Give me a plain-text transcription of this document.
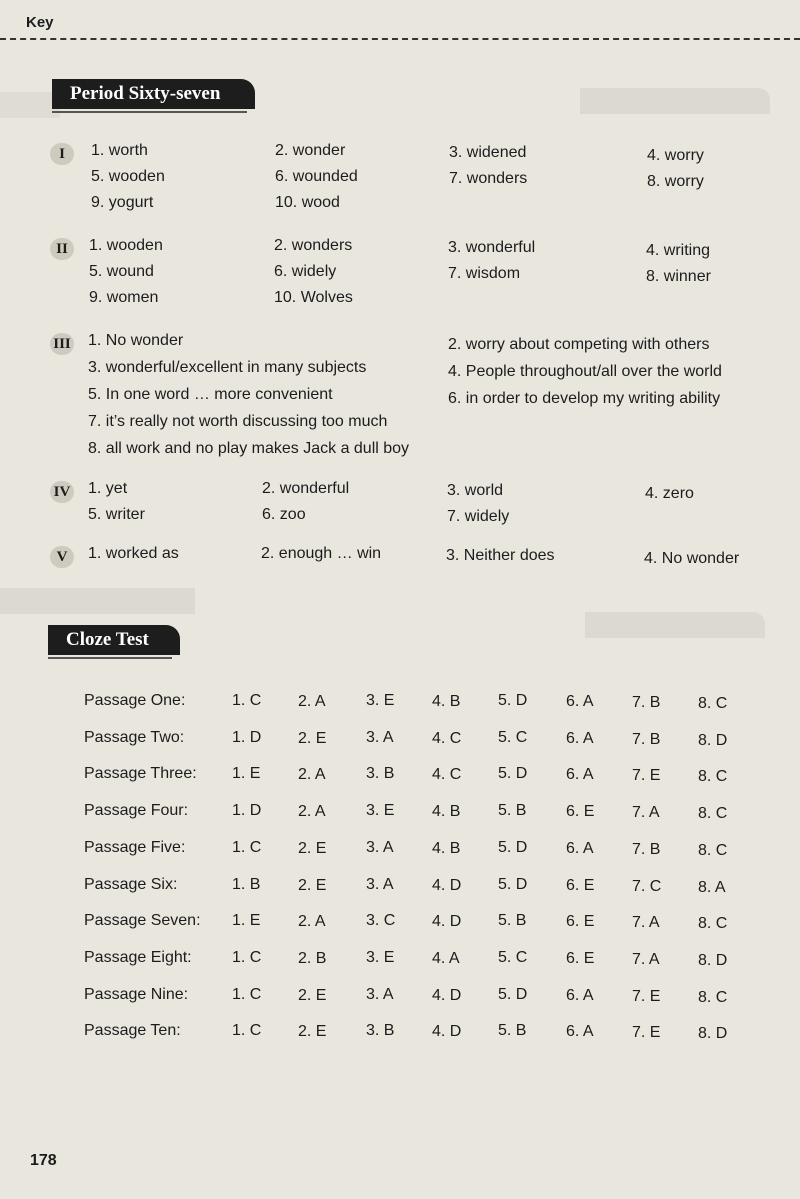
Key
Period Sixty-seven
I	1. worth	2. wonder	3. widened	4. worry
5. wooden	6. wounded	7. wonders	8. worry
9. yogurt	10. wood
II	1. wooden	2. wonders	3. wonderful	4. writing
5. wound	6. widely	7. wisdom	8. winner
9. women	10. Wolves
III 1. No wonder	2. worry about competing with others
3. wonderful/excellent in many subjects	4. People throughout/all over the world
5. In one word … more convenient	6. in order to develop my writing ability
7. it’s really not worth discussing too much
8. all work and no play makes Jack a dull boy
IV 1. yet	2. wonderful	3. world	4. zero
5. writer	6. zoo	7. widely
V	1. worked as	2. enough … win	3. Neither does	4. No wonder
Cloze Test
Passage One:	1. C 2. A	3. E 4. B 5. D 6. A 7. B 8. C
Passage Two:	1. D 2. E 3. A 4. C 5. C 6. A 7. B 8. D
Passage Three: 1. E 2. A	3. B 4. C 5. D 6. A 7. E 8. C
Passage Four:	1. D 2. A	3. E 4. B 5. B 6. E 7. A 8. C
Passage Five:	1. C 2. E 3. A 4. B 5. D 6. A 7. B 8. C
Passage Six:	1. B 2. E 3. A 4. D 5. D 6. E 7. C 8. A
Passage Seven: 1. E 2. A	3. C 4. D 5. B 6. E 7. A 8. C
Passage Eight:	1. C 2. B 3. E 4. A 5. C 6. E 7. A 8. D
Passage Nine:	1. C 2. E 3. A 4. D 5. D 6. A 7. E 8. C
Passage Ten:	1. C 2. E 3. B 4. D 5. B 6. A 7. E 8. D
178
